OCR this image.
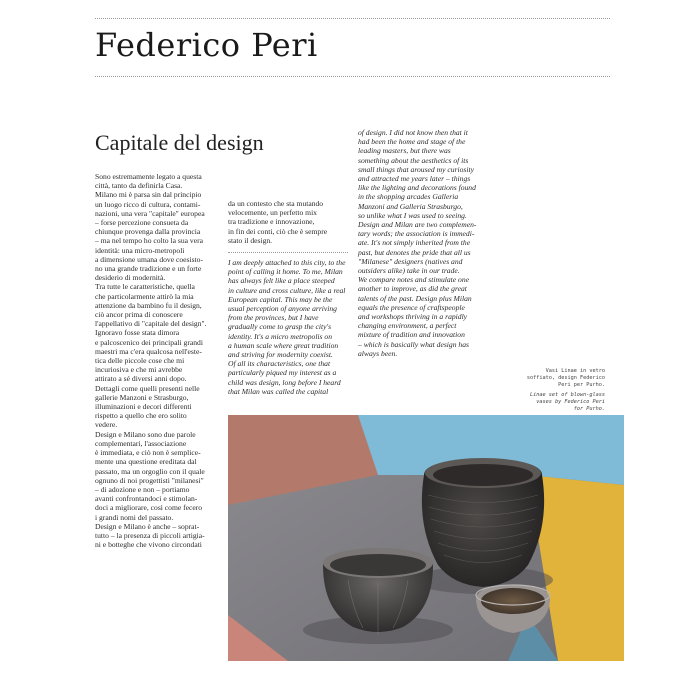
Federico Peri
Capitale del design
Sono estremamente legato a questa
città, tanto da definirla Casa.
Milano mi è parsa sin dal principio
un luogo ricco di cultura, contami-
nazioni, una vera "capitale" europea
– forse percezione consueta da
chiunque provenga dalla provincia
– ma nel tempo ho colto la sua vera
identità: una micro-metropoli
a dimensione umana dove coesisto-
no una grande tradizione e un forte
desiderio di modernità.
Tra tutte le caratteristiche, quella
che particolarmente attirò la mia
attenzione da bambino fu il design,
ciò ancor prima di conoscere
l'appellativo di "capitale del design".
Ignoravo fosse stata dimora
e palcoscenico dei principali grandi
maestri ma c'era qualcosa nell'este-
tica delle piccole cose che mi
incuriosiva e che mi avrebbe
attirato a sé diversi anni dopo.
Dettagli come quelli presenti nelle
gallerie Manzoni e Strasburgo,
illuminazioni e decori differenti
rispetto a quello che ero solito
vedere.
Design e Milano sono due parole
complementari, l'associazione
è immediata, e ciò non è semplice-
mente una questione ereditata dal
passato, ma un orgoglio con il quale
ognuno di noi progettisti "milanesi"
– di adozione e non – portiamo
avanti confrontandoci e stimolan-
doci a migliorare, così come fecero
i grandi nomi del passato.
Design e Milano è anche – soprat-
tutto – la presenza di piccoli artigia-
ni e botteghe che vivono circondati
da un contesto che sta mutando
velocemente, un perfetto mix
tra tradizione e innovazione,
in fin dei conti, ciò che è sempre
stato il design.
I am deeply attached to this city, to the
point of calling it home. To me, Milan
has always felt like a place steeped
in culture and cross culture, like a real
European capital. This may be the
usual perception of anyone arriving
from the provinces, but I have
gradually come to grasp the city's
identity. It's a micro metropolis on
a human scale where great tradition
and striving for modernity coexist.
Of all its characteristics, one that
particularly piqued my interest as a
child was design, long before I heard
that Milan was called the capital
of design. I did not know then that it
had been the home and stage of the
leading masters, but there was
something about the aesthetics of its
small things that aroused my curiosity
and attracted me years later – things
like the lighting and decorations found
in the shopping arcades Galleria
Manzoni and Galleria Strasburgo,
so unlike what I was used to seeing.
Design and Milan are two complemen-
tary words; the association is immedi-
ate. It's not simply inherited from the
past, but denotes the pride that all us
"Milanese" designers (natives and
outsiders alike) take in our trade.
We compare notes and stimulate one
another to improve, as did the great
talents of the past. Design plus Milan
equals the presence of craftspeople
and workshops thriving in a rapidly
changing environment, a perfect
mixture of tradition and innovation
– which is basically what design has
always been.
Vasi Linae in vetro
soffiato, design Federico
Peri per Purho.
Linae set of blown-glass
vases by Federico Peri
for Purho.
